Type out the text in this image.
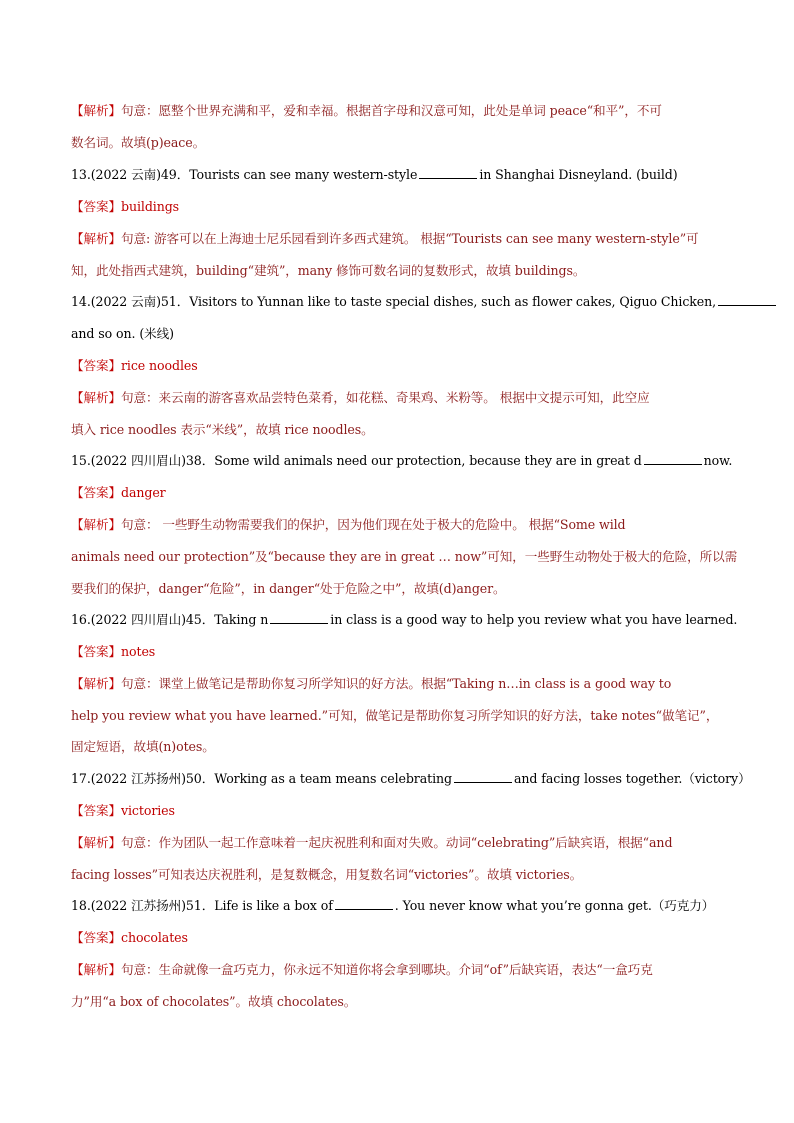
【解析】句意：愿整个世界充满和平，爱和幸福。根据首字母和汉意可知，此处是单词 peace“和平”，不可
数名词。故填(p)eace。
13.(2022 云南)49．Tourists can see many western-style	in Shanghai Disneyland. (build)
【答案】buildings
【解析】句意: 游客可以在上海迪士尼乐园看到许多西式建筑。 根据“Tourists can see many western-style”可
知，此处指西式建筑，building“建筑”，many 修饰可数名词的复数形式，故填 buildings。
14.(2022 云南)51．Visitors to Yunnan like to taste special dishes, such as flower cakes, Qiguo Chicken,
and so on. (米线)
【答案】rice noodles
【解析】句意：来云南的游客喜欢品尝特色菜肴，如花糕、奇果鸡、米粉等。 根据中文提示可知，此空应
填入 rice noodles 表示“米线”，故填 rice noodles。
15.(2022 四川眉山)38．Some wild animals need our protection, because they are in great d	now.
【答案】danger
【解析】句意： 一些野生动物需要我们的保护，因为他们现在处于极大的危险中。 根据“Some wild
animals need our protection”及“because they are in great … now”可知，一些野生动物处于极大的危险，所以需
要我们的保护，danger“危险”，in danger“处于危险之中”，故填(d)anger。
16.(2022 四川眉山)45．Taking n	in class is a good way to help you review what you have learned.
【答案】notes
【解析】句意：课堂上做笔记是帮助你复习所学知识的好方法。根据“Taking n…in class is a good way to
help you review what you have learned.”可知，做笔记是帮助你复习所学知识的好方法，take notes“做笔记”，
固定短语，故填(n)otes。
17.(2022 江苏扬州)50．Working as a team means celebrating	and facing losses together.（victory）
【答案】victories
【解析】句意：作为团队一起工作意味着一起庆祝胜利和面对失败。动词“celebrating”后缺宾语，根据“and
facing losses”可知表达庆祝胜利，是复数概念，用复数名词“victories”。故填 victories。
18.(2022 江苏扬州)51．Life is like a box of	. You never know what you’re gonna get.（巧克力）
【答案】chocolates
【解析】句意：生命就像一盒巧克力，你永远不知道你将会拿到哪块。介词“of”后缺宾语，表达“一盒巧克
力”用“a box of chocolates”。故填 chocolates。
